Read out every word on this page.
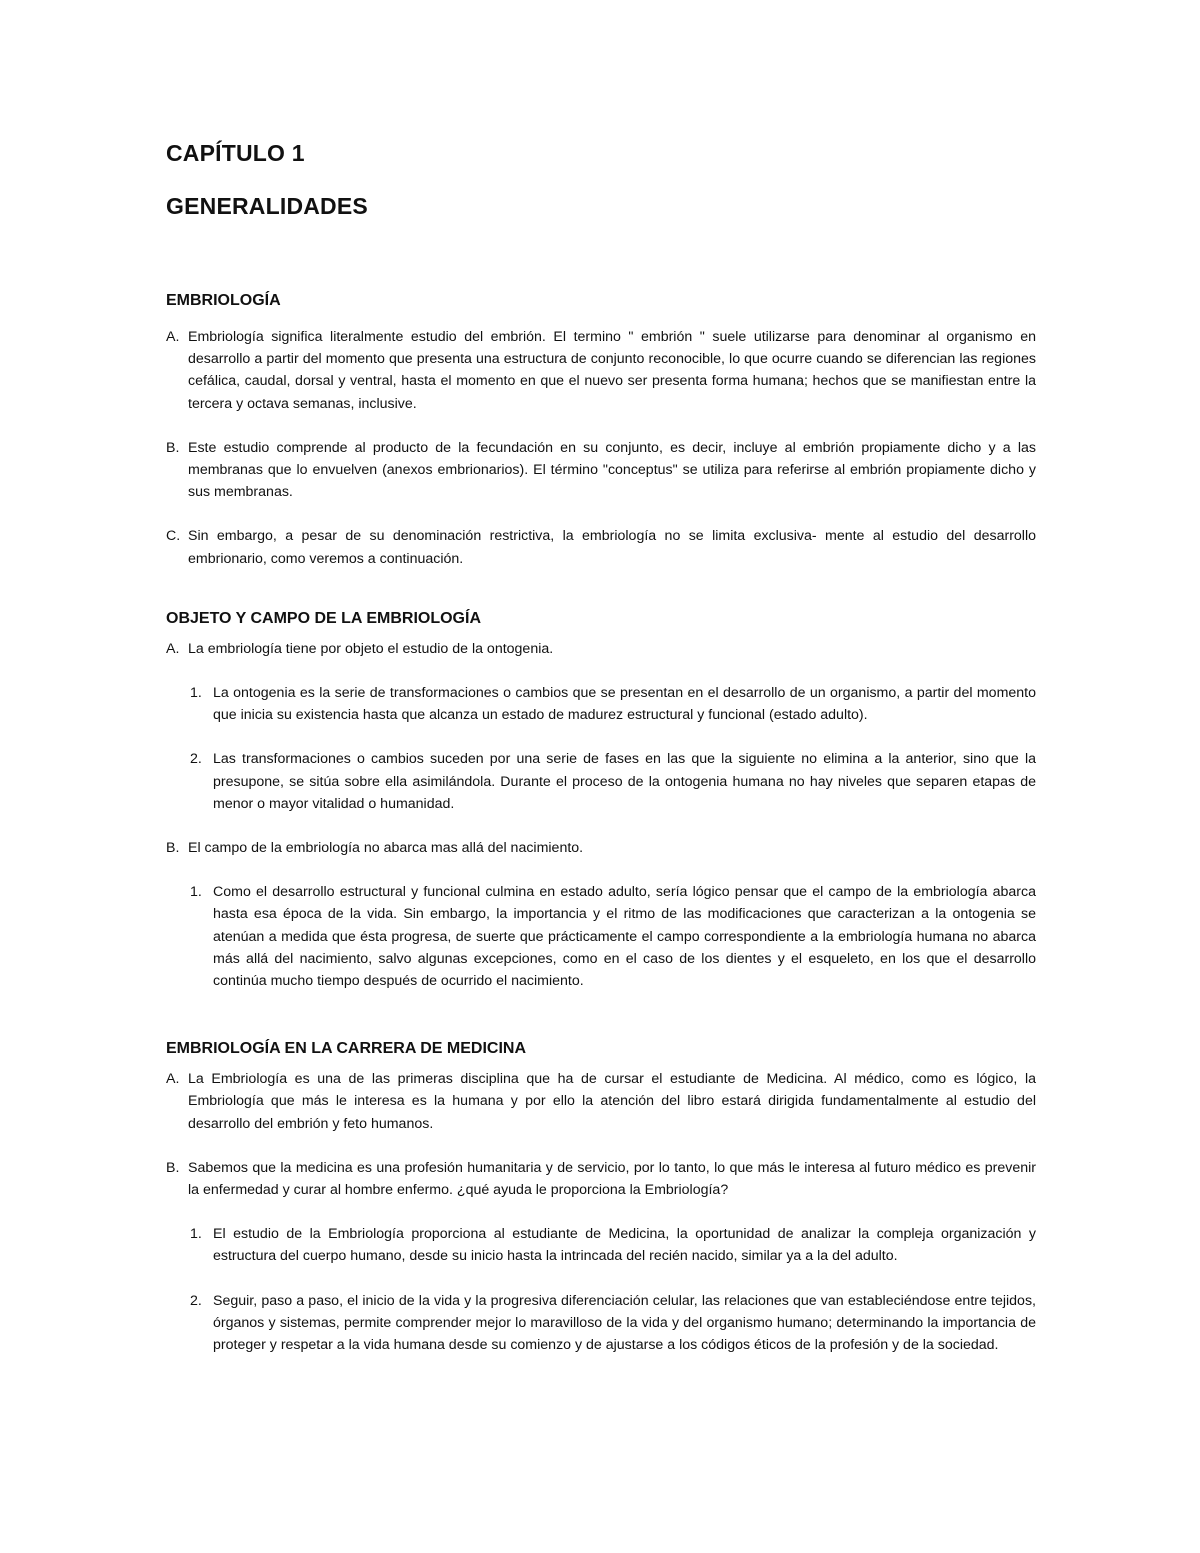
CAPÍTULO 1
GENERALIDADES
EMBRIOLOGÍA

A. Embriología significa literalmente estudio del embrión. El termino " embrión " suele utilizarse para denominar al organismo en desarrollo a partir del momento que presenta una estructura de conjunto reconocible, lo que ocurre cuando se diferencian las regiones cefálica, caudal, dorsal y ventral, hasta el momento en que el nuevo ser presenta forma humana; hechos que se manifiestan entre la tercera y octava semanas, inclusive.

B. Este estudio comprende al producto de la fecundación en su conjunto, es decir, incluye al embrión propiamente dicho y a las membranas que lo envuelven (anexos embrionarios). El término "conceptus" se utiliza para referirse al embrión propiamente dicho y sus membranas.

C. Sin embargo, a pesar de su denominación restrictiva, la embriología no se limita exclusiva- mente al estudio del desarrollo embrionario, como veremos a continuación.

OBJETO Y CAMPO DE LA EMBRIOLOGÍA

A. La embriología tiene por objeto el estudio de la ontogenia.

1. La ontogenia es la serie de transformaciones o cambios que se presentan en el desarrollo de un organismo, a partir del momento que inicia su existencia hasta que alcanza un estado de madurez estructural y funcional (estado adulto).

2. Las transformaciones o cambios suceden por una serie de fases en las que la siguiente no elimina a la anterior, sino que la presupone, se sitúa sobre ella asimilándola. Durante el proceso de la ontogenia humana no hay niveles que separen etapas de menor o mayor vitalidad o humanidad.

B. El campo de la embriología no abarca mas allá del nacimiento.

1. Como el desarrollo estructural y funcional culmina en estado adulto, sería lógico pensar que el campo de la embriología abarca hasta esa época de la vida. Sin embargo, la importancia y el ritmo de las modificaciones que caracterizan a la ontogenia se atenúan a medida que ésta progresa, de suerte que prácticamente el campo correspondiente a la embriología humana no abarca más allá del nacimiento, salvo algunas excepciones, como en el caso de los dientes y el esqueleto, en los que el desarrollo continúa mucho tiempo después de ocurrido el nacimiento.

EMBRIOLOGÍA EN LA CARRERA DE MEDICINA

A. La Embriología es una de las primeras disciplina que ha de cursar el estudiante de Medicina. Al médico, como es lógico, la Embriología que más le interesa es la humana y por ello la atención del libro estará dirigida fundamentalmente al estudio del desarrollo del embrión y feto humanos.

B. Sabemos que la medicina es una profesión humanitaria y de servicio, por lo tanto, lo que más le interesa al futuro médico es prevenir la enfermedad y curar al hombre enfermo. ¿qué ayuda le proporciona la Embriología?

1. El estudio de la Embriología proporciona al estudiante de Medicina, la oportunidad de analizar la compleja organización y estructura del cuerpo humano, desde su inicio hasta la intrincada del recién nacido, similar ya a la del adulto.

2. Seguir, paso a paso, el inicio de la vida y la progresiva diferenciación celular, las relaciones que van estableciéndose entre tejidos, órganos y sistemas, permite comprender mejor lo maravilloso de la vida y del organismo humano; determinando la importancia de proteger y respetar a la vida humana desde su comienzo y de ajustarse a los códigos éticos de la profesión y de la sociedad.
